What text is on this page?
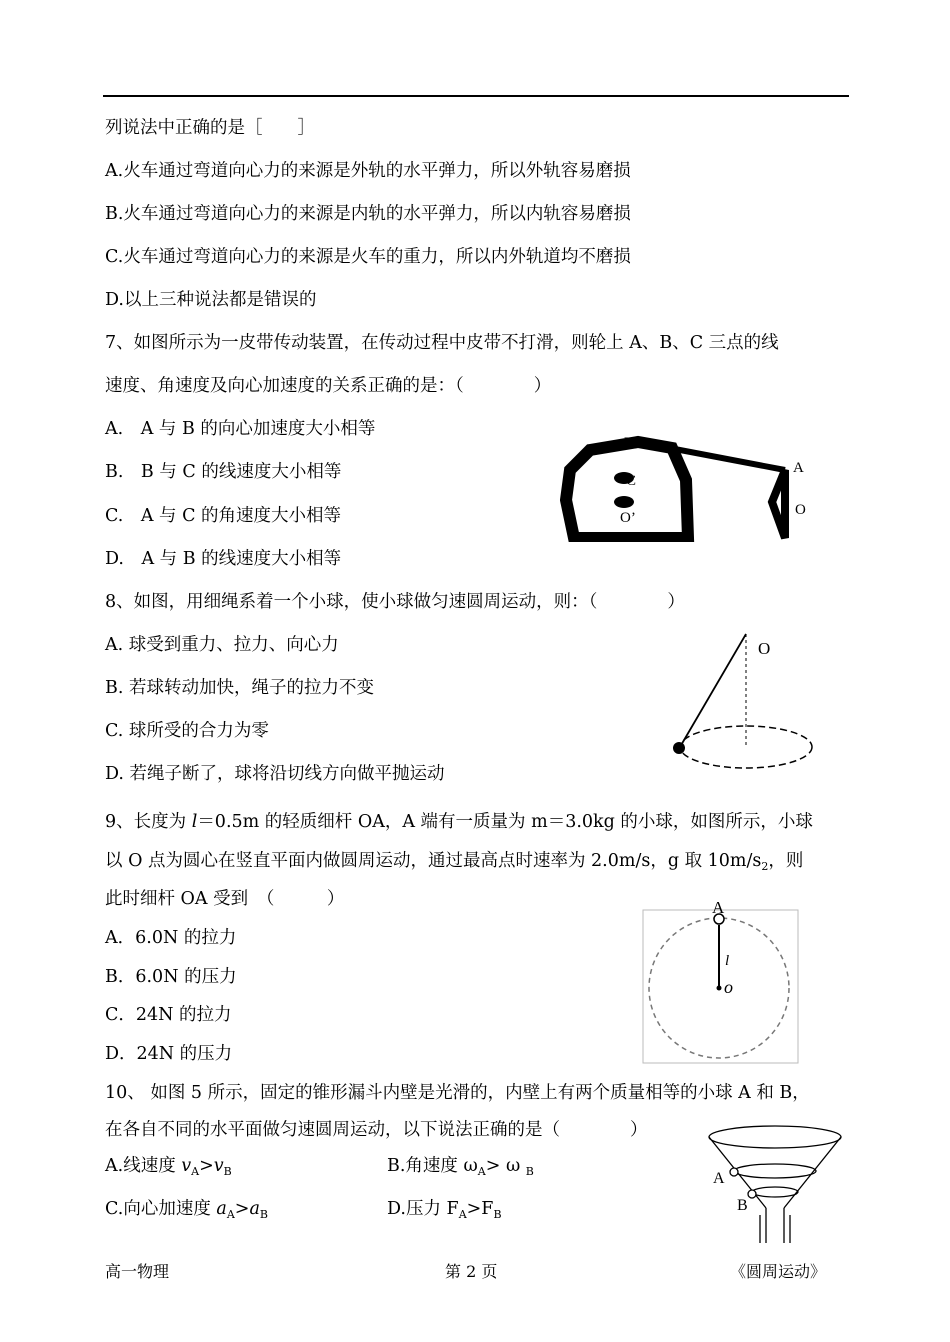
列说法中正确的是［　　］
A.火车通过弯道向心力的来源是外轨的水平弹力，所以外轨容易磨损
B.火车通过弯道向心力的来源是内轨的水平弹力，所以内轨容易磨损
C.火车通过弯道向心力的来源是火车的重力，所以内外轨道均不磨损
D.以上三种说法都是错误的
7、如图所示为一皮带传动装置，在传动过程中皮带不打滑，则轮上 A、B、C 三点的线
速度、角速度及向心加速度的关系正确的是：（　　　　）
A.　A 与 B 的向心加速度大小相等
B.　B 与 C 的线速度大小相等
C.　A 与 C 的角速度大小相等
D.　A 与 B 的线速度大小相等
B
C
O’
A
O
8、如图，用细绳系着一个小球，使小球做匀速圆周运动，则：（　　　　）
A. 球受到重力、拉力、向心力
B. 若球转动加快，绳子的拉力不变
C. 球所受的合力为零
D. 若绳子断了，球将沿切线方向做平抛运动
O
9、长度为 l＝0.5m 的轻质细杆 OA，A 端有一质量为 m＝3.0kg 的小球，如图所示，小球
以 O 点为圆心在竖直平面内做圆周运动，通过最高点时速率为 2.0m/s，g 取 $10m/s_2$，则
此时细杆 OA 受到　（　　　）
A．6.0N 的拉力
B．6.0N 的压力
C．24N 的拉力
D．24N 的压力
A
l
o
10、 如图 5 所示，固定的锥形漏斗内壁是光滑的，内壁上有两个质量相等的小球 A 和 B，
在各自不同的水平面做匀速圆周运动，以下说法正确的是（　　　　）
A.线速度 $v_A>v_B$	B.角速度 $\omega_A> \omega$ $_B$
C.向心加速度 $a_A>a_B$	D.压力 $F_A>F_B$
A
B
高一物理	第 2 页	《圆周运动》
